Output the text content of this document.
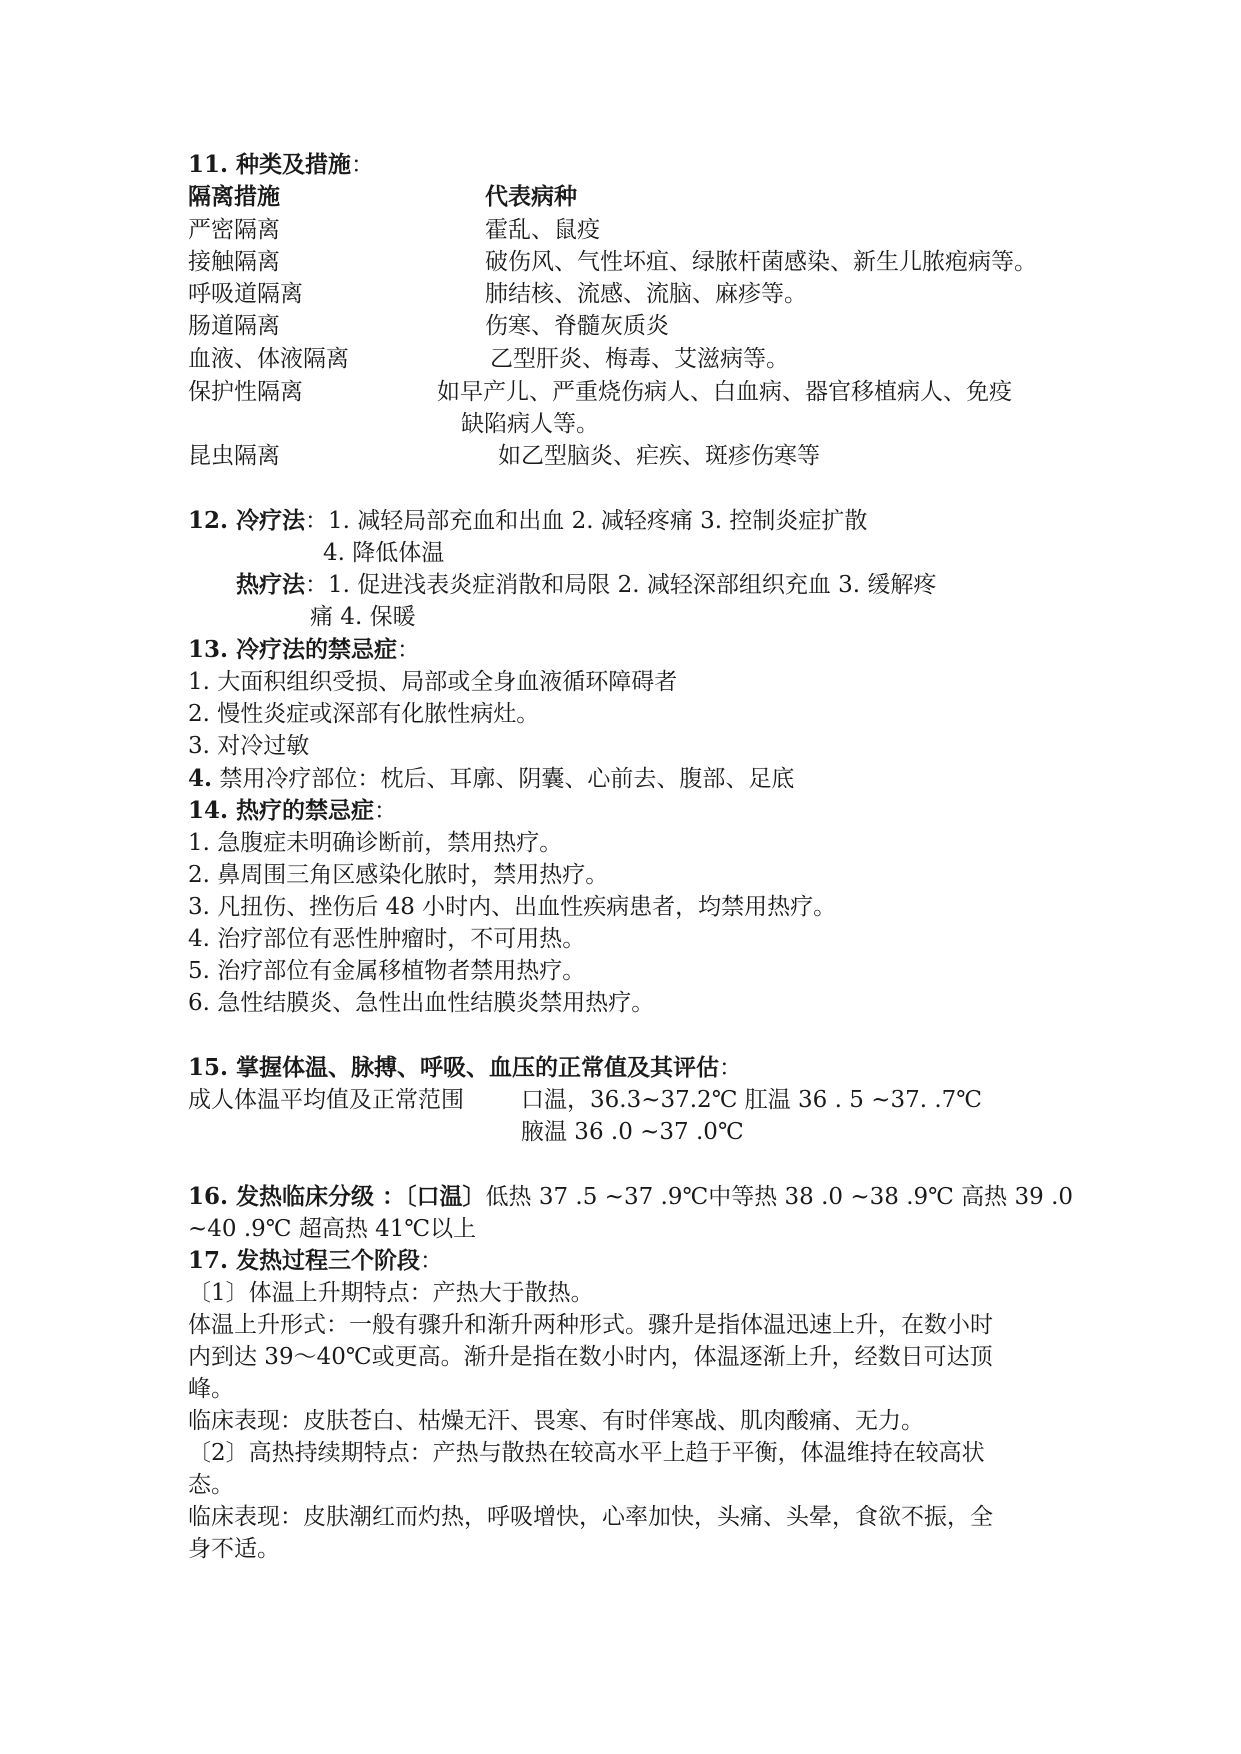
11. 种类及措施：
隔离措施	代表病种
严密隔离	霍乱、鼠疫
接触隔离	破伤风、气性坏疽、绿脓杆菌感染、新生儿脓疱病等。
呼吸道隔离	肺结核、流感、流脑、麻疹等。
肠道隔离	伤寒、脊髓灰质炎
血液、体液隔离	乙型肝炎、梅毒、艾滋病等。
保护性隔离	如早产儿、严重烧伤病人、白血病、器官移植病人、免疫
缺陷病人等。
昆虫隔离	如乙型脑炎、疟疾、斑疹伤寒等
12. 冷疗法：1. 减轻局部充血和出血 2. 减轻疼痛 3. 控制炎症扩散
4. 降低体温
热疗法：1. 促进浅表炎症消散和局限 2. 减轻深部组织充血 3. 缓解疼
痛 4. 保暖
13. 冷疗法的禁忌症：
1. 大面积组织受损、局部或全身血液循环障碍者
2. 慢性炎症或深部有化脓性病灶。
3. 对冷过敏
4. 禁用冷疗部位：枕后、耳廓、阴囊、心前去、腹部、足底
14. 热疗的禁忌症：
1. 急腹症未明确诊断前，禁用热疗。
2. 鼻周围三角区感染化脓时，禁用热疗。
3. 凡扭伤、挫伤后 48 小时内、出血性疾病患者，均禁用热疗。
4. 治疗部位有恶性肿瘤时，不可用热。
5. 治疗部位有金属移植物者禁用热疗。
6. 急性结膜炎、急性出血性结膜炎禁用热疗。
15. 掌握体温、脉搏、呼吸、血压的正常值及其评估：
成人体温平均值及正常范围 口温，36.3~37.2℃ 肛温 36 . 5 ~37. .7℃
腋温 36 .0 ~37 .0℃
16. 发热临床分级 ：〔口温〕低热 37 .5 ~37 .9℃中等热 38 .0 ~38 .9℃ 高热 39 .0
~40 .9℃ 超高热 41℃以上
17. 发热过程三个阶段：
〔1〕体温上升期特点：产热大于散热。
体温上升形式：一般有骤升和渐升两种形式。骤升是指体温迅速上升，在数小时
内到达 39～40℃或更高。渐升是指在数小时内，体温逐渐上升，经数日可达顶
峰。
临床表现：皮肤苍白、枯燥无汗、畏寒、有时伴寒战、肌肉酸痛、无力。
〔2〕高热持续期特点：产热与散热在较高水平上趋于平衡，体温维持在较高状
态。
临床表现：皮肤潮红而灼热，呼吸增快，心率加快，头痛、头晕，食欲不振，全
身不适。
